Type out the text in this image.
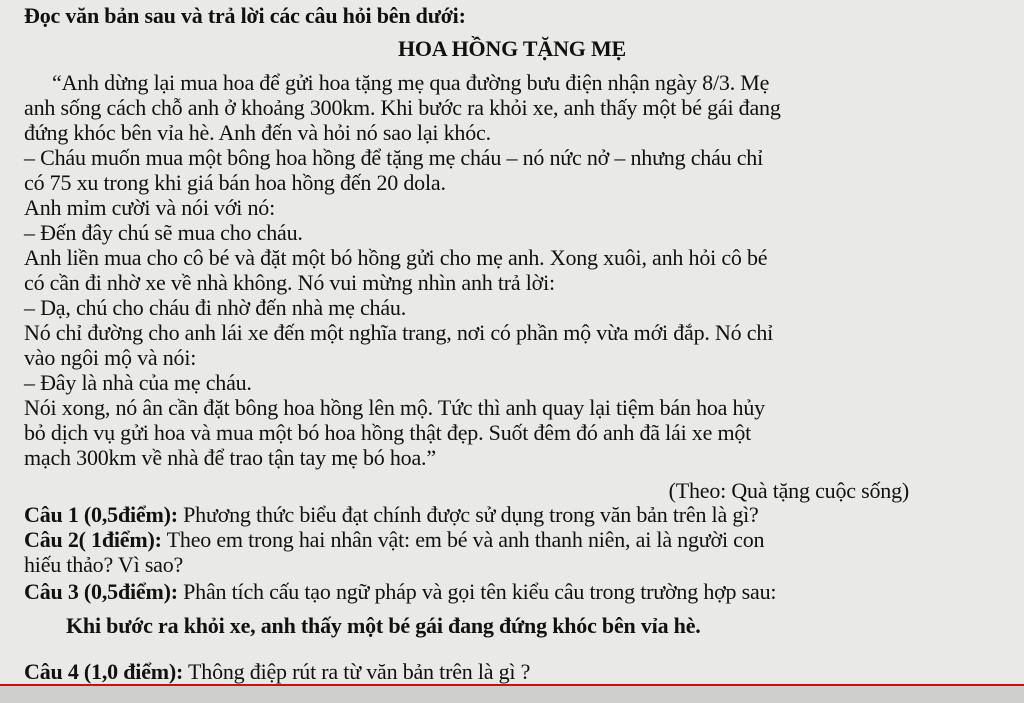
Đọc văn bản sau và trả lời các câu hỏi bên dưới:
HOA HỒNG TẶNG MẸ
“Anh dừng lại mua hoa để gửi hoa tặng mẹ qua đường bưu điện nhận ngày 8/3. Mẹ
anh sống cách chỗ anh ở khoảng 300km. Khi bước ra khỏi xe, anh thấy một bé gái đang
đứng khóc bên vỉa hè. Anh đến và hỏi nó sao lại khóc.
– Cháu muốn mua một bông hoa hồng để tặng mẹ cháu – nó nức nở – nhưng cháu chỉ
có 75 xu trong khi giá bán hoa hồng đến 20 dola.
Anh mỉm cười và nói với nó:
– Đến đây chú sẽ mua cho cháu.
Anh liền mua cho cô bé và đặt một bó hồng gửi cho mẹ anh. Xong xuôi, anh hỏi cô bé
có cần đi nhờ xe về nhà không. Nó vui mừng nhìn anh trả lời:
– Dạ, chú cho cháu đi nhờ đến nhà mẹ cháu.
Nó chỉ đường cho anh lái xe đến một nghĩa trang, nơi có phần mộ vừa mới đắp. Nó chỉ
vào ngôi mộ và nói:
– Đây là nhà của mẹ cháu.
Nói xong, nó ân cần đặt bông hoa hồng lên mộ. Tức thì anh quay lại tiệm bán hoa hủy
bỏ dịch vụ gửi hoa và mua một bó hoa hồng thật đẹp. Suốt đêm đó anh đã lái xe một
mạch 300km về nhà để trao tận tay mẹ bó hoa.”
(Theo: Quà tặng cuộc sống)
Câu 1 (0,5điểm): Phương thức biểu đạt chính được sử dụng trong văn bản trên là gì?
Câu 2( 1điểm): Theo em trong hai nhân vật: em bé và anh thanh niên, ai là người con
hiếu thảo? Vì sao?
Câu 3 (0,5điểm): Phân tích cấu tạo ngữ pháp và gọi tên kiểu câu trong trường hợp sau:
Khi bước ra khỏi xe, anh thấy một bé gái đang đứng khóc bên vỉa hè.
Câu 4 (1,0 điểm): Thông điệp rút ra từ văn bản trên là gì ?
